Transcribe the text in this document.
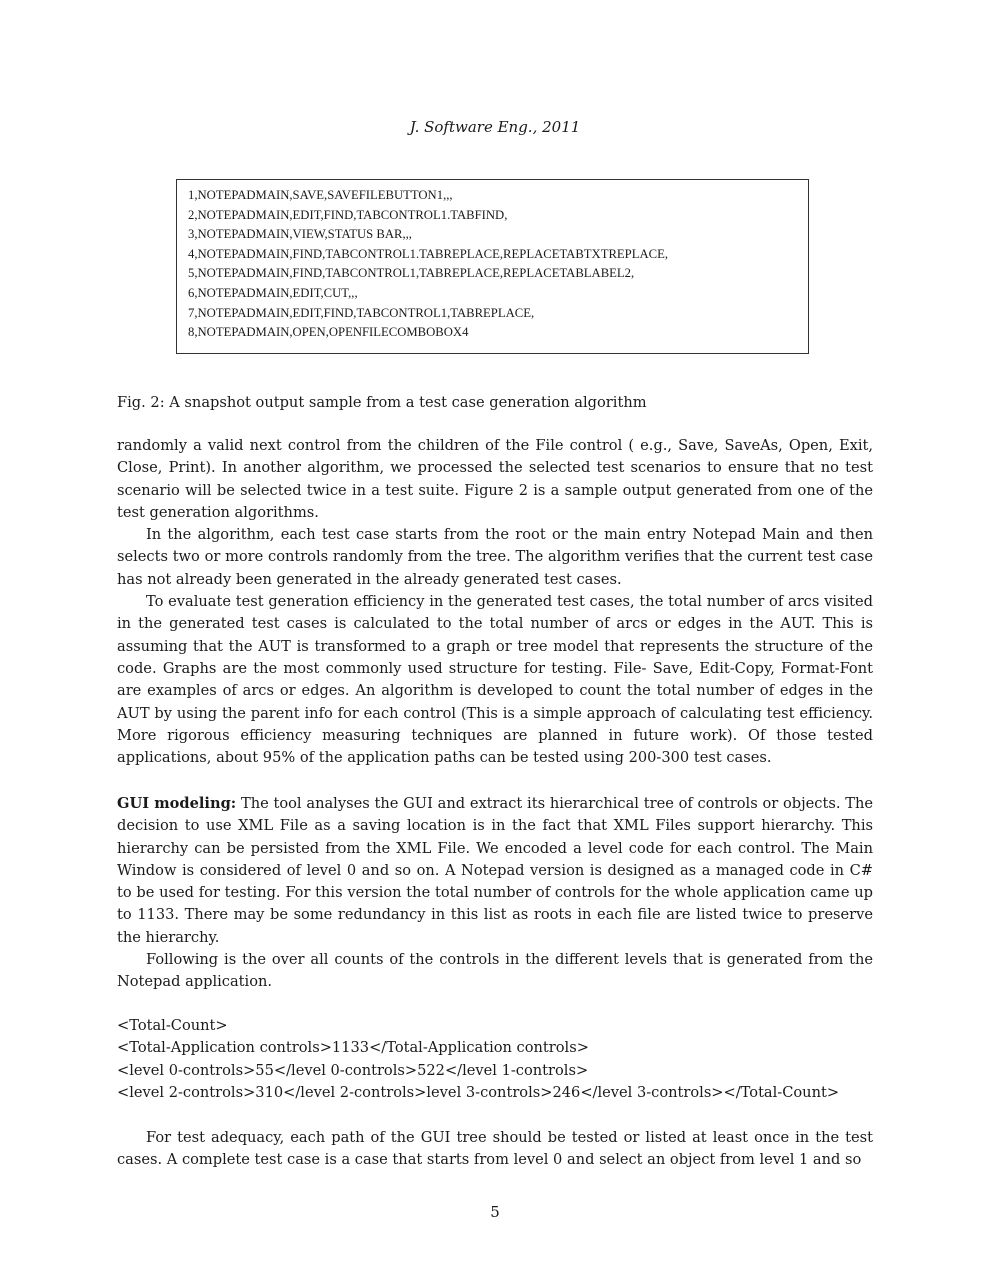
J. Software Eng., 2011
1,NOTEPADMAIN,SAVE,SAVEFILEBUTTON1,,,
2,NOTEPADMAIN,EDIT,FIND,TABCONTROL1.TABFIND,
3,NOTEPADMAIN,VIEW,STATUS BAR,,,
4,NOTEPADMAIN,FIND,TABCONTROL1.TABREPLACE,REPLACETABTXTREPLACE,
5,NOTEPADMAIN,FIND,TABCONTROL1,TABREPLACE,REPLACETABLABEL2,
6,NOTEPADMAIN,EDIT,CUT,,,
7,NOTEPADMAIN,EDIT,FIND,TABCONTROL1,TABREPLACE,
8,NOTEPADMAIN,OPEN,OPENFILECOMBOBOX4
Fig. 2: A snapshot output sample from a test case generation algorithm

randomly a valid next control from the children of the File control ( e.g., Save, SaveAs, Open, Exit, Close, Print). In another algorithm, we processed the selected test scenarios to ensure that no test scenario will be selected twice in a test suite. Figure 2 is a sample output generated from one of the test generation algorithms.

In the algorithm, each test case starts from the root or the main entry Notepad Main and then selects two or more controls randomly from the tree. The algorithm verifies that the current test case has not already been generated in the already generated test cases.

To evaluate test generation efficiency in the generated test cases, the total number of arcs visited in the generated test cases is calculated to the total number of arcs or edges in the AUT. This is assuming that the AUT is transformed to a graph or tree model that represents the structure of the code. Graphs are the most commonly used structure for testing. File- Save, Edit-Copy, Format-Font are examples of arcs or edges. An algorithm is developed to count the total number of edges in the AUT by using the parent info for each control (This is a simple approach of calculating test efficiency. More rigorous efficiency measuring techniques are planned in future work). Of those tested applications, about 95% of the application paths can be tested using 200-300 test cases.

GUI modeling: The tool analyses the GUI and extract its hierarchical tree of controls or objects. The decision to use XML File as a saving location is in the fact that XML Files support hierarchy. This hierarchy can be persisted from the XML File. We encoded a level code for each control. The Main Window is considered of level 0 and so on. A Notepad version is designed as a managed code in C# to be used for testing. For this version the total number of controls for the whole application came up to 1133. There may be some redundancy in this list as roots in each file are listed twice to preserve the hierarchy.

Following is the over all counts of the controls in the different levels that is generated from the Notepad application.

<Total-Count>
<Total-Application controls>1133</Total-Application controls>
<level 0-controls>55</level 0-controls>522</level 1-controls>
<level 2-controls>310</level 2-controls>level 3-controls>246</level 3-controls></Total-Count>

For test adequacy, each path of the GUI tree should be tested or listed at least once in the test cases. A complete test case is a case that starts from level 0 and select an object from level 1 and so

5
